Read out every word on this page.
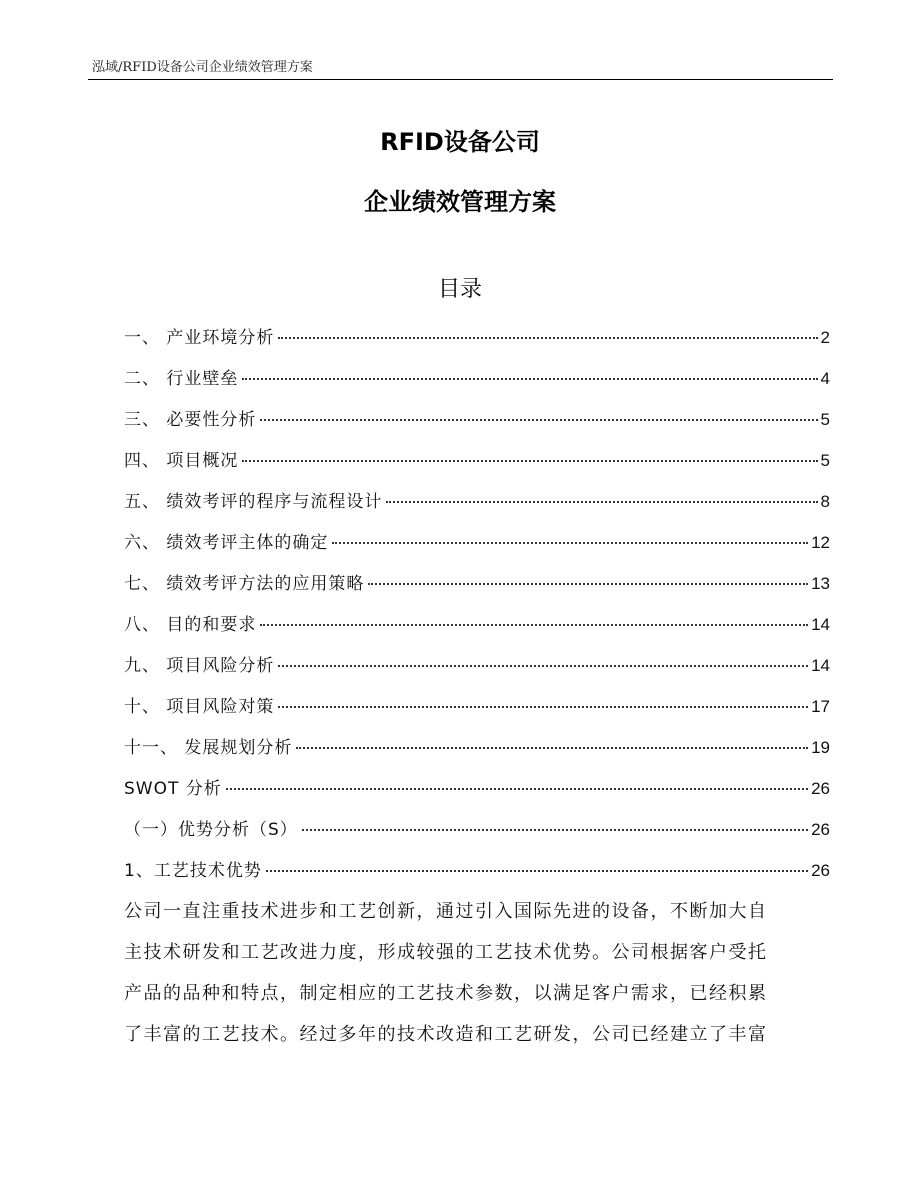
泓域/RFID设备公司企业绩效管理方案
RFID设备公司
企业绩效管理方案
目录
一、 产业环境分析	2
二、 行业壁垒	4
三、 必要性分析	5
四、 项目概况	5
五、 绩效考评的程序与流程设计	8
六、 绩效考评主体的确定	12
七、 绩效考评方法的应用策略	13
八、 目的和要求	14
九、 项目风险分析	14
十、 项目风险对策	17
十一、 发展规划分析	19
SWOT 分析	26
（一）优势分析（S）	26
1、工艺技术优势	26
公司一直注重技术进步和工艺创新，通过引入国际先进的设备，不断加大自
主技术研发和工艺改进力度，形成较强的工艺技术优势。公司根据客户受托
产品的品种和特点，制定相应的工艺技术参数，以满足客户需求，已经积累
了丰富的工艺技术。经过多年的技术改造和工艺研发，公司已经建立了丰富
